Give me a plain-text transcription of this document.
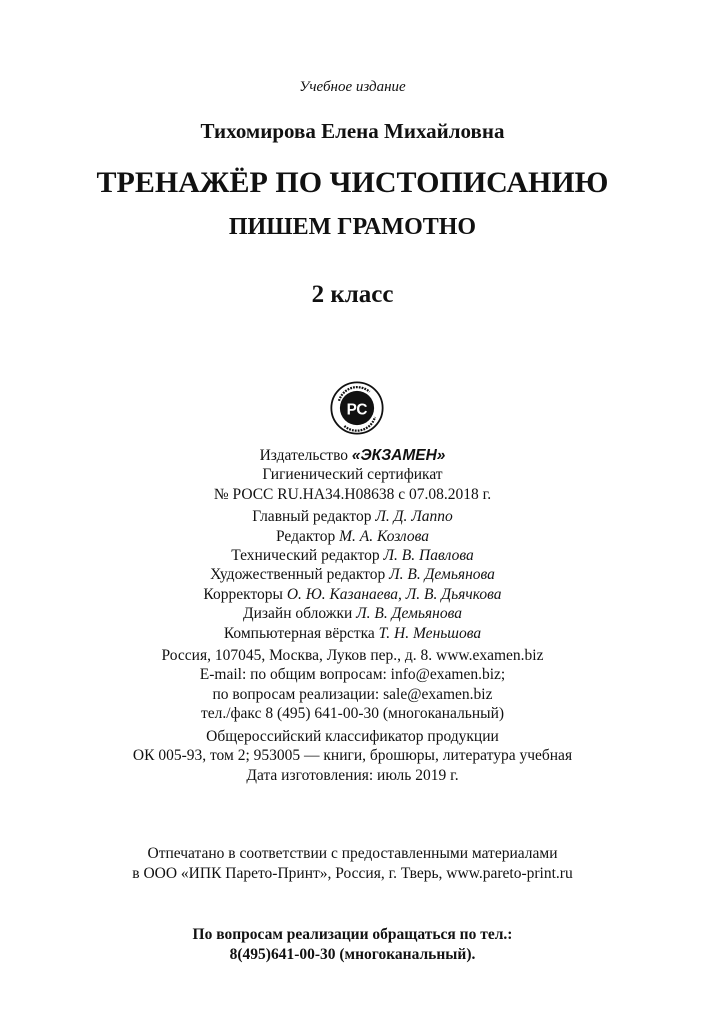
Учебное издание
Тихомирова Елена Михайловна
ТРЕНАЖЁР ПО ЧИСТОПИСАНИЮ
ПИШЕМ ГРАМОТНО
2 класс
РС
Издательство «ЭКЗАМЕН»
Гигиенический сертификат
№ РОСС RU.HA34.H08638 с 07.08.2018 г.
Главный редактор Л. Д. Лаппо
Редактор М. А. Козлова
Технический редактор Л. В. Павлова
Художественный редактор Л. В. Демьянова
Корректоры О. Ю. Казанаева, Л. В. Дьячкова
Дизайн обложки Л. В. Демьянова
Компьютерная вёрстка Т. Н. Меньшова
Россия, 107045, Москва, Луков пер., д. 8. www.examen.biz
E-mail: по общим вопросам: info@examen.biz;
по вопросам реализации: sale@examen.biz
тел./факс 8 (495) 641-00-30 (многоканальный)
Общероссийский классификатор продукции
ОК 005-93, том 2; 953005 — книги, брошюры, литература учебная
Дата изготовления: июль 2019 г.
Отпечатано в соответствии с предоставленными материалами
в ООО «ИПК Парето-Принт», Россия, г. Тверь, www.pareto-print.ru
По вопросам реализации обращаться по тел.:
8(495)641-00-30 (многоканальный).
